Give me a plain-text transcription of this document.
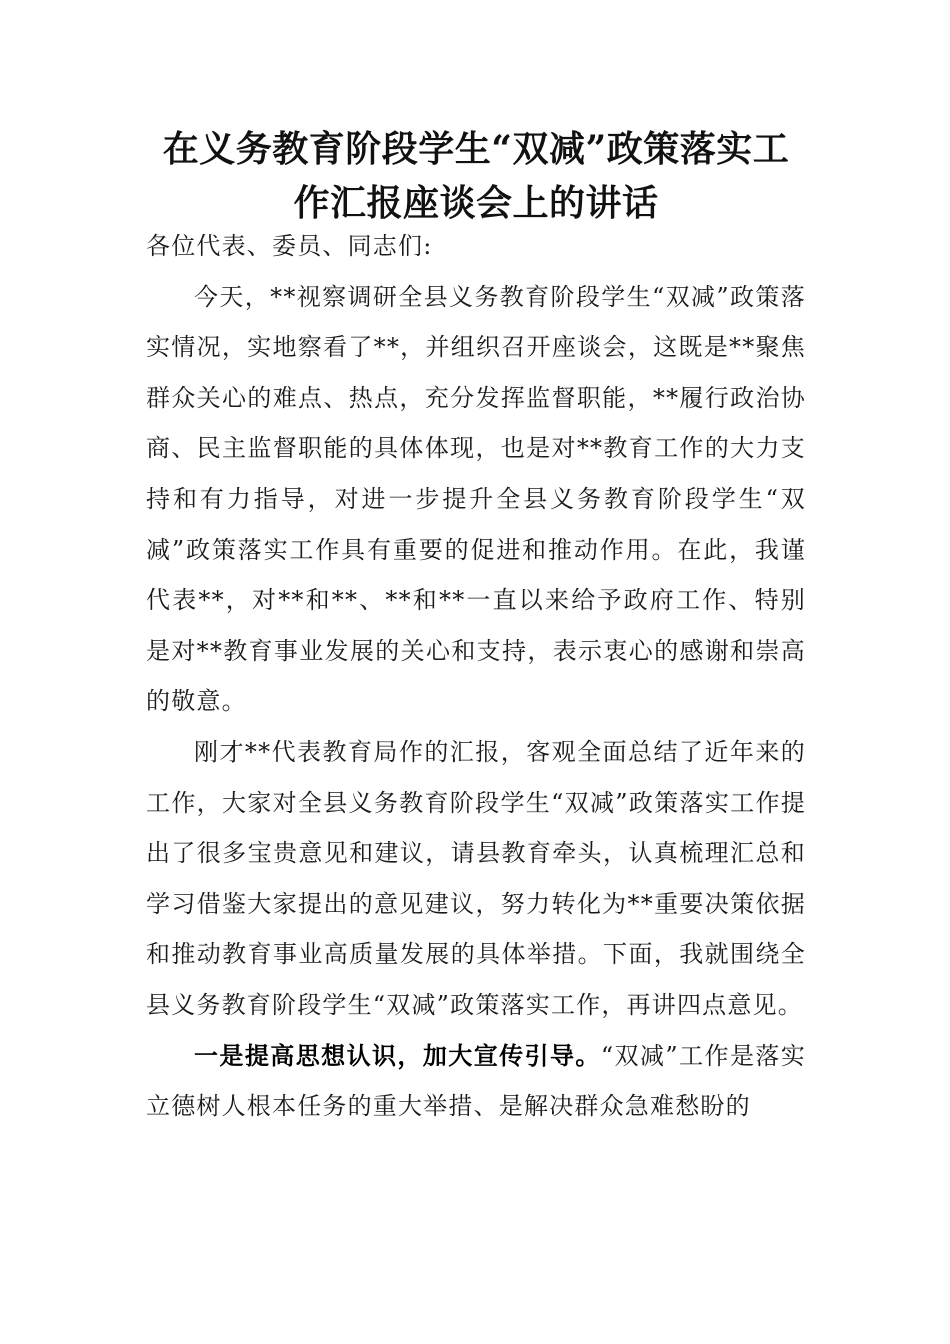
在义务教育阶段学生“双减”政策落实工作汇报座谈会上的讲话

各位代表、委员、同志们:

今天，**视察调研全县义务教育阶段学生“双减”政策落实情况，实地察看了**，并组织召开座谈会，这既是**聚焦群众关心的难点、热点，充分发挥监督职能，**履行政治协商、民主监督职能的具体体现，也是对**教育工作的大力支持和有力指导，对进一步提升全县义务教育阶段学生“双减”政策落实工作具有重要的促进和推动作用。在此，我谨代表**，对**和**、**和**一直以来给予政府工作、特别是对**教育事业发展的关心和支持，表示衷心的感谢和崇高的敬意。

刚才**代表教育局作的汇报，客观全面总结了近年来的工作，大家对全县义务教育阶段学生“双减”政策落实工作提出了很多宝贵意见和建议，请县教育牵头，认真梳理汇总和学习借鉴大家提出的意见建议，努力转化为**重要决策依据和推动教育事业高质量发展的具体举措。下面，我就围绕全县义务教育阶段学生“双减”政策落实工作，再讲四点意见。

一是提高思想认识，加大宣传引导。“双减”工作是落实立德树人根本任务的重大举措、是解决群众急难愁盼的
